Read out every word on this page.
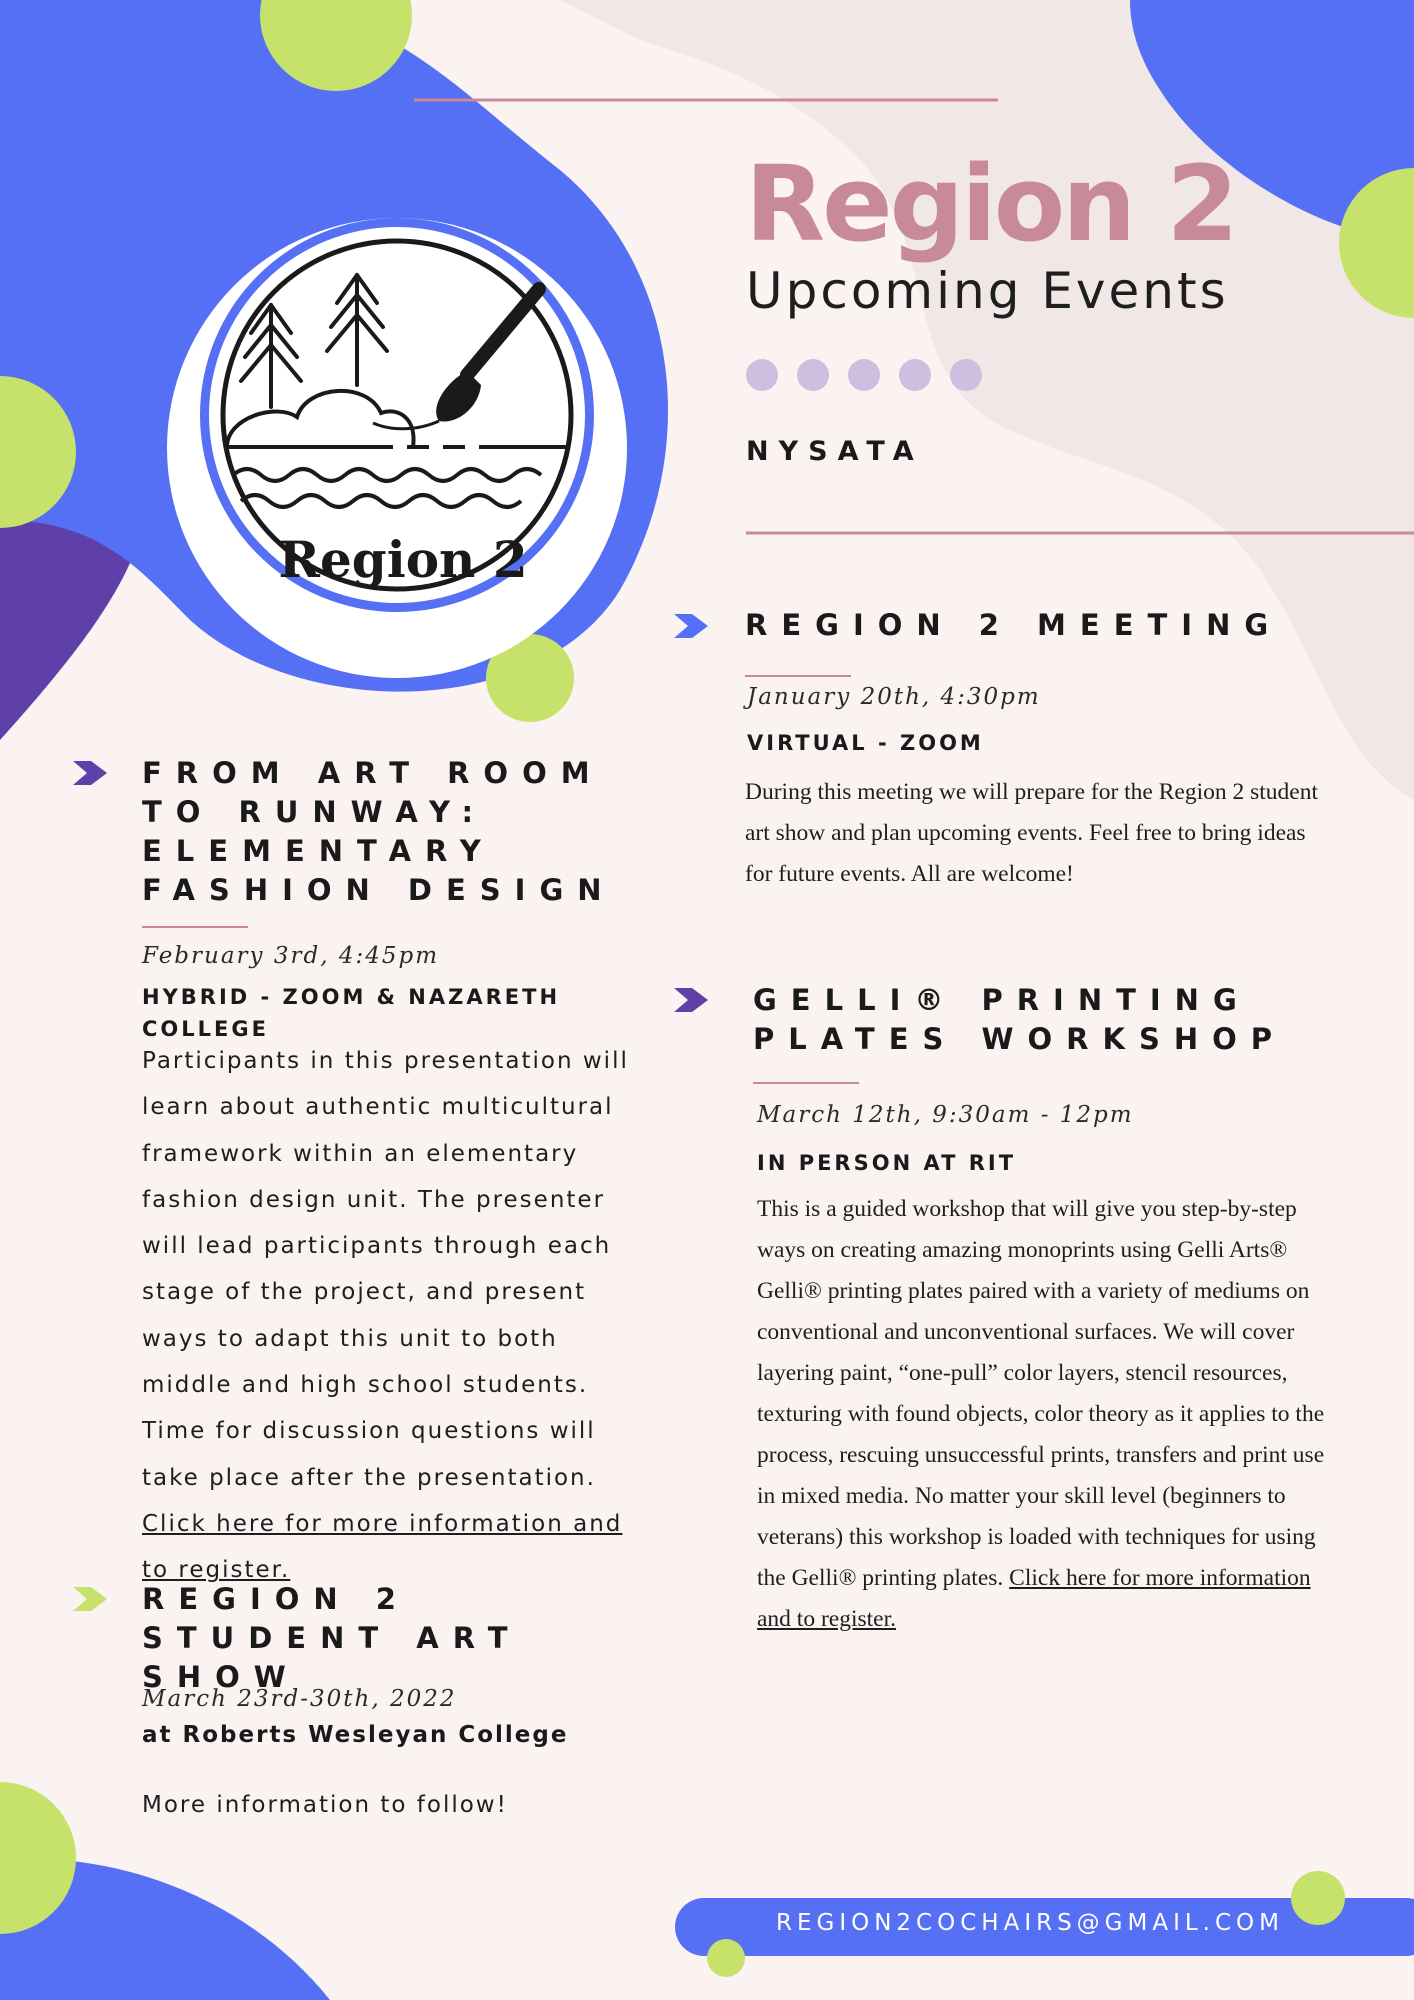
Region 2
Region 2
Upcoming Events
NYSATA
REGION 2 MEETING
January 20th, 4:30pm
VIRTUAL - ZOOM
During this meeting we will prepare for the Region 2 student art show and plan upcoming events. Feel free to bring ideas for future events. All are welcome!
FROM ART ROOM TO RUNWAY: ELEMENTARY FASHION DESIGN
February 3rd, 4:45pm
HYBRID - ZOOM & NAZARETH COLLEGE
Participants in this presentation will learn about authentic multicultural framework within an elementary fashion design unit. The presenter will lead participants through each stage of the project, and present ways to adapt this unit to both middle and high school students. Time for discussion questions will take place after the presentation. Click here for more information and to register.
GELLI® PRINTING PLATES WORKSHOP
March 12th, 9:30am - 12pm
IN PERSON AT RIT
This is a guided workshop that will give you step-by-step ways on creating amazing monoprints using Gelli Arts®
Gelli® printing plates paired with a variety of mediums on conventional and unconventional surfaces. We will cover layering paint, “one-pull” color layers, stencil resources, texturing with found objects, color theory as it applies to the process, rescuing unsuccessful prints, transfers and print use in mixed media. No matter your skill level (beginners to veterans) this workshop is loaded with techniques for using the Gelli® printing plates. Click here for more information and to register.
REGION 2 STUDENT ART SHOW
March 23rd-30th, 2022
at Roberts Wesleyan College
More information to follow!
REGION2COCHAIRS@GMAIL.COM
